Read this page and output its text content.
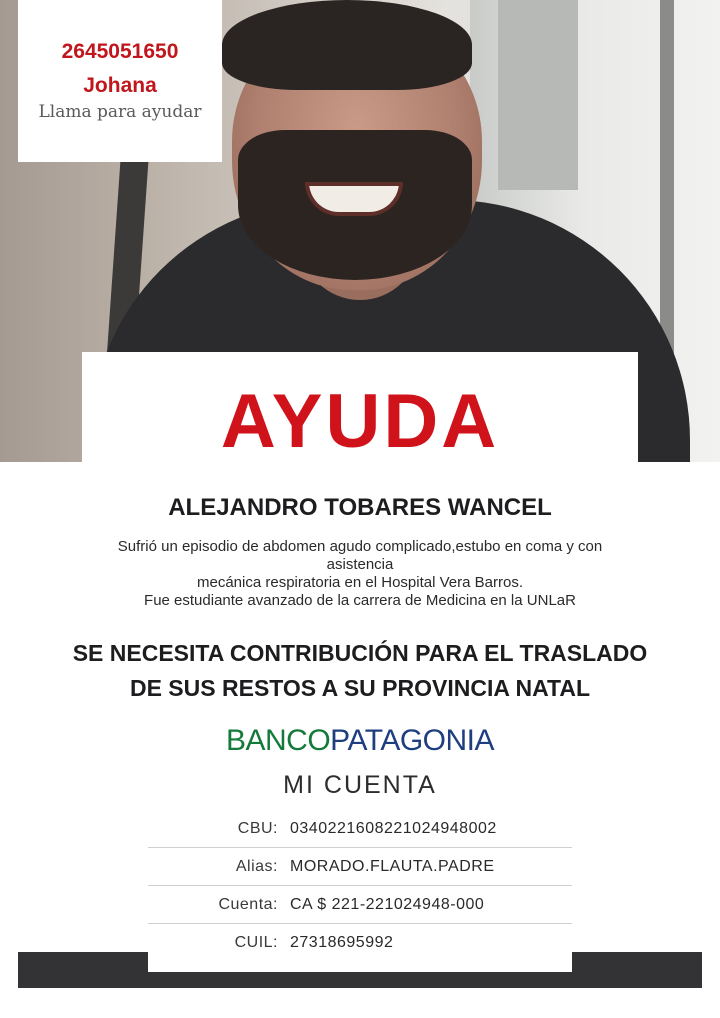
2645051650
Johana
Llama para ayudar
AYUDA
ALEJANDRO TOBARES WANCEL
Sufrió un episodio de abdomen agudo complicado,estubo en coma y con
asistencia
mecánica respiratoria en el Hospital Vera Barros.
Fue estudiante avanzado de la carrera de Medicina en la UNLaR
SE NECESITA CONTRIBUCIÓN PARA EL TRASLADO
DE SUS RESTOS A SU PROVINCIA NATAL
BANCOPATAGONIA
MI CUENTA
CBU: 0340221608221024948002
Alias: MORADO.FLAUTA.PADRE
Cuenta: CA $ 221-221024948-000
CUIL: 27318695992
